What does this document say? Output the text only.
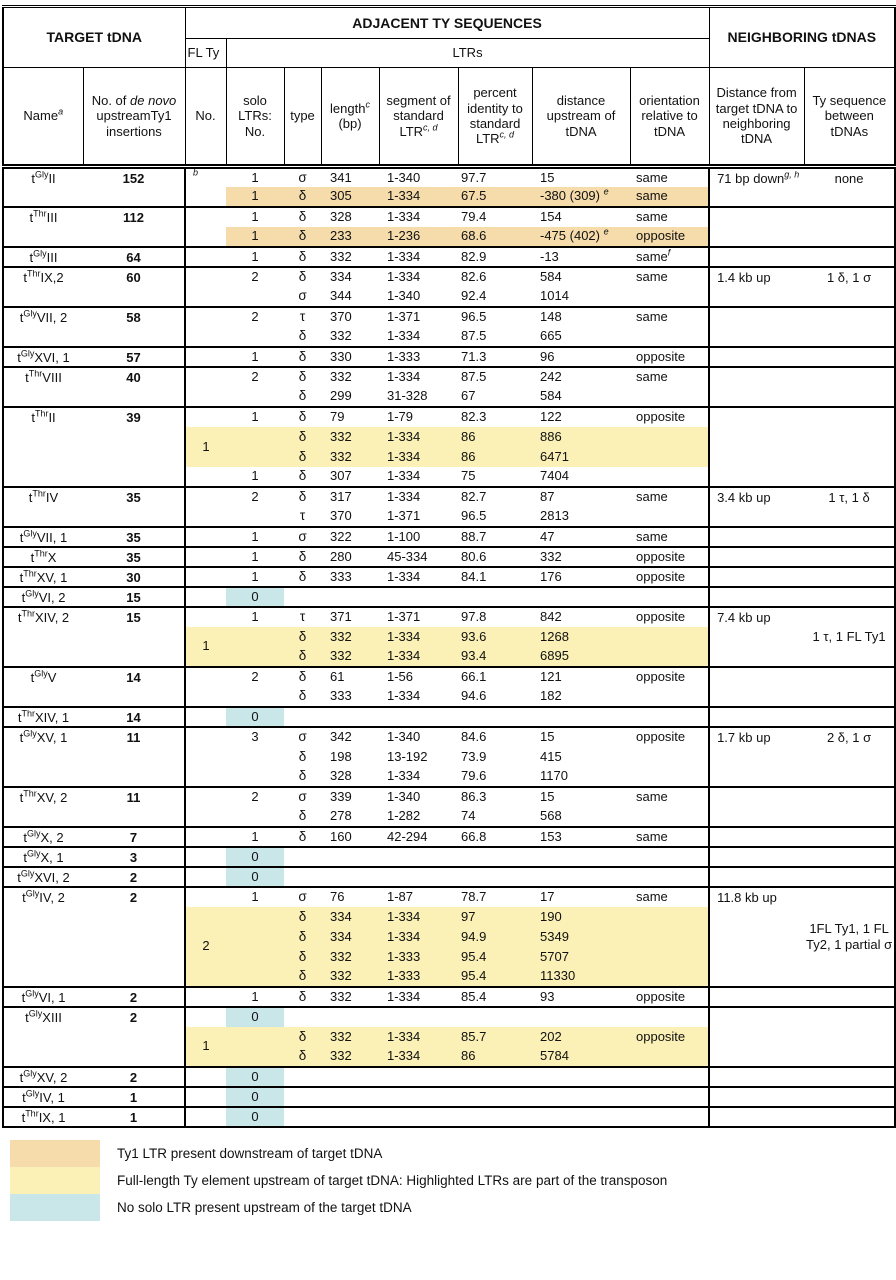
TARGET tDNA		ADJACENT TY SEQUENCES								NEIGHBORING tDNAS	
		FL Ty	LTRs								
Name$^a$	No. of de novo upstreamTy1 insertions	No.	solo LTRs: No.	type	length$^c$ (bp)	segment of standard LTR$^{c, d}$	percent identity to standard LTR$^{c, d}$	distance upstream of tDNA	orientation relative to tDNA	Distance from target tDNA to neighboring tDNA	Ty sequence between tDNAs
$t^{Gly}II$	152	$^b$	1	σ	341	1-340	97.7	15	same	71 bp down$^{g, h}$	none
			1	δ	305	1-334	67.5	-380 (309) $^e$	same		
$t^{Thr}III$	112		1	δ	328	1-334	79.4	154	same		
			1	δ	233	1-236	68.6	-475 (402) $^e$	opposite		
$t^{Gly}III$	64		1	δ	332	1-334	82.9	-13	same$^f$		
$t^{Thr}IX,2$	60		2	δ	334	1-334	82.6	584	same	1.4 kb up	1 δ, 1 σ
				σ	344	1-340	92.4	1014			
$t^{Gly}VII$, 2	58		2	τ	370	1-371	96.5	148	same		
				δ	332	1-334	87.5	665			
$t^{Gly}XVI$, 1	57		1	δ	330	1-333	71.3	96	opposite		
$t^{Thr}VIII$	40		2	δ	332	1-334	87.5	242	same		
				δ	299	31-328	67	584			
$t^{Thr}II$	39		1	δ	79	1-79	82.3	122	opposite		
		1		δ	332	1-334	86	886			
				δ	332	1-334	86	6471			
			1	δ	307	1-334	75	7404			
$t^{Thr}IV$	35		2	δ	317	1-334	82.7	87	same	3.4 kb up	1 τ, 1 δ
				τ	370	1-371	96.5	2813			
$t^{Gly}VII$, 1	35		1	σ	322	1-100	88.7	47	same		
$t^{Thr}X$	35		1	δ	280	45-334	80.6	332	opposite		
$t^{Thr}XV$, 1	30		1	δ	333	1-334	84.1	176	opposite		
$t^{Gly}VI$, 2	15		0								
$t^{Thr}XIV$, 2	15		1	τ	371	1-371	97.8	842	opposite	7.4 kb up	1 τ, 1 FL Ty1
		1		δ	332	1-334	93.6	1268			
				δ	332	1-334	93.4	6895			
$t^{Gly}V$	14		2	δ	61	1-56	66.1	121	opposite		
				δ	333	1-334	94.6	182			
$t^{Thr}XIV$, 1	14		0								
$t^{Gly}XV$, 1	11		3	σ	342	1-340	84.6	15	opposite	1.7 kb up	2 δ, 1 σ
				δ	198	13-192	73.9	415			
				δ	328	1-334	79.6	1170			
$t^{Thr}XV$, 2	11		2	σ	339	1-340	86.3	15	same		
				δ	278	1-282	74	568			
$t^{Gly}X$, 2	7		1	δ	160	42-294	66.8	153	same		
$t^{Gly}X$, 1	3		0								
$t^{Gly}XVI$, 2	2		0								
$t^{Gly}IV$, 2	2		1	σ	76	1-87	78.7	17	same	11.8 kb up	1FL Ty1, 1 FL Ty2, 1 partial σ
		2		δ	334	1-334	97	190			
				δ	334	1-334	94.9	5349			
				δ	332	1-333	95.4	5707			
				δ	332	1-333	95.4	11330			
$t^{Gly}VI$, 1	2		1	δ	332	1-334	85.4	93	opposite		
$t^{Gly}XIII$	2		0								
		1		δ	332	1-334	85.7	202	opposite		
				δ	332	1-334	86	5784			
$t^{Gly}XV$, 2	2		0								
$t^{Gly}IV$, 1	1		0								
$t^{Thr}IX$, 1	1		0								
Ty1 LTR present downstream of target tDNA
Full-length Ty element upstream of target tDNA: Highlighted LTRs are part of the transposon
No solo LTR present upstream of the target tDNA
